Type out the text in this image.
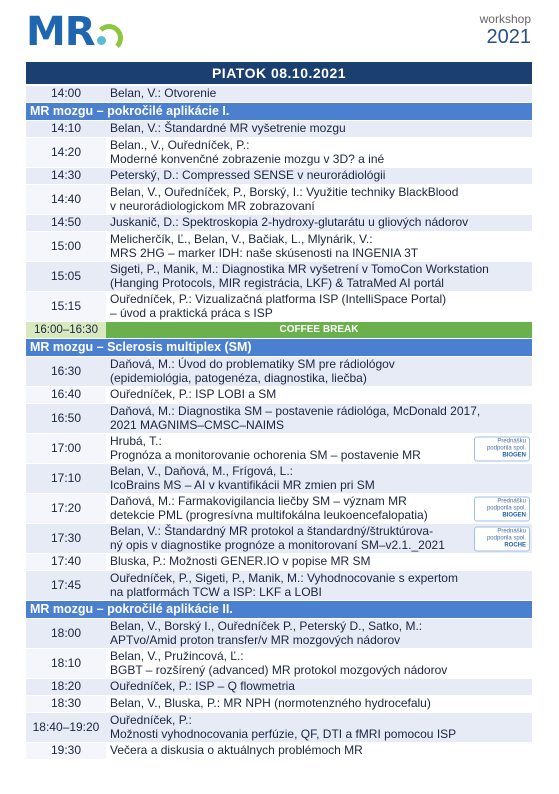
MR	workshop
2021
PIATOK 08.10.2021
14:00	Belan, V.: Otvorenie
MR mozgu – pokročilé aplikácie I.
14:10	Belan, V.: Štandardné MR vyšetrenie mozgu
14:20	Belan., V., Ouředníček, P.:
Moderné konvenčné zobrazenie mozgu v 3D? a iné
14:30	Peterský, D.: Compressed SENSE v neurorádiológii
14:40	Belan, V., Ouředníček, P., Borský, I.: Využitie techniky BlackBlood
v neurorádiologickom MR zobrazovaní
14:50	Juskanič, D.: Spektroskopia 2-hydroxy-glutarátu u gliových nádorov
15:00	Melicherčík, Ľ., Belan, V., Bačiak, L., Mlynárik, V.:
MRS 2HG – marker IDH: naše skúsenosti na INGENIA 3T
15:05	Sigeti, P., Manik, M.: Diagnostika MR vyšetrení v TomoCon Workstation
(Hanging Protocols, MIR registrácia, LKF) & TatraMed AI portál
15:15	Ouředníček, P.: Vizualizačná platforma ISP (IntelliSpace Portal)
– úvod a praktická práca s ISP
16:00–16:30	COFFEE BREAK
MR mozgu – Sclerosis multiplex (SM)
16:30	Daňová, M.: Úvod do problematiky SM pre rádiológov
(epidemiológia, patogenéza, diagnostika, liečba)
16:40	Ouředníček, P.: ISP LOBI a SM
16:50	Daňová, M.: Diagnostika SM – postavenie rádiológa, McDonald 2017,
2021 MAGNIMS–CMSC–NAIMS
17:00	Hrubá, T.:
Prognóza a monitorovanie ochorenia SM – postavenie MR
Prednášku
podporila spol.
BIOGEN
17:10	Belan, V., Daňová, M., Frígová, L.:
IcoBrains MS – AI v kvantifikácii MR zmien pri SM
17:20	Daňová, M.: Farmakovigilancia liečby SM – význam MR
detekcie PML (progresívna multifokálna leukoencefalopatia)
Prednášku
podporila spol.
BIOGEN
17:30	Belan, V.: Štandardný MR protokol a štandardný/štruktúrova-
ný opis v diagnostike prognóze a monitorovaní SM–v2.1._2021
Prednášku
podporila spol.
ROCHE
17:40	Bluska, P.: Možnosti GENER.IO v popise MR SM
17:45	Ouředníček, P., Sigeti, P., Manik, M.: Vyhodnocovanie s expertom
na platformách TCW a ISP: LKF a LOBI
MR mozgu – pokročilé aplikácie II.
18:00	Belan, V., Borský I., Ouředníček P., Peterský D., Satko, M.:
APTvo/Amid proton transfer/v MR mozgových nádorov
18:10	Belan, V., Pružincová, Ľ.:
BGBT – rozšírený (advanced) MR protokol mozgových nádorov
18:20	Ouředníček, P.: ISP – Q flowmetria
18:30	Belan, V., Bluska, P.: MR NPH (normotenzného hydrocefalu)
18:40–19:20 Ouředníček, P.:
Možnosti vyhodnocovania perfúzie, QF, DTI a fMRI pomocou ISP
19:30	Večera a diskusia o aktuálnych problémoch MR
